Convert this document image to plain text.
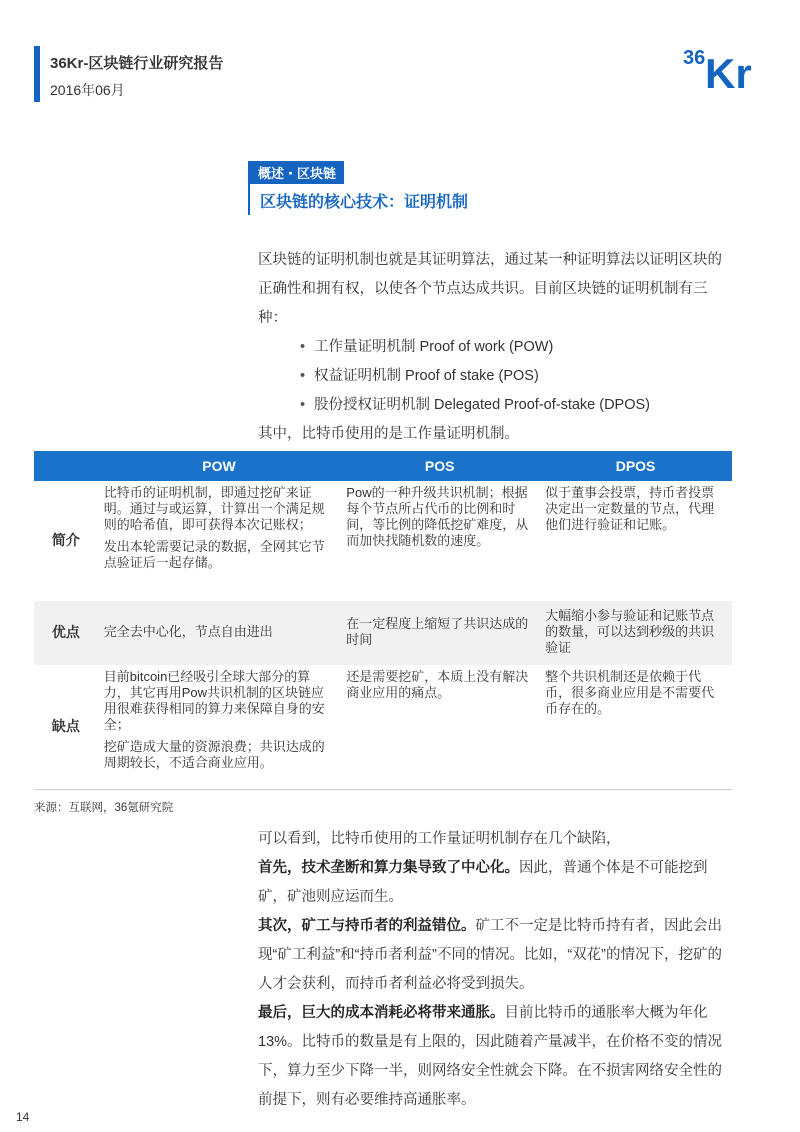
36Kr-区块链行业研究报告
2016年06月
36 Kr
概述・区块链
区块链的核心技术：证明机制

区块链的证明机制也就是其证明算法，通过某一种证明算法以证明区块的正确性和拥有权，以使各个节点达成共识。目前区块链的证明机制有三种：

• 工作量证明机制 Proof of work (POW)
• 权益证明机制 Proof of stake (POS)
• 股份授权证明机制 Delegated Proof-of-stake (DPOS)

其中，比特币使用的是工作量证明机制。

	POW	POS	DPOS
简介	比特币的证明机制，即通过挖矿来证明。通过与或运算，计算出一个满足规则的哈希值，即可获得本次记账权；

发出本轮需要记录的数据，全网其它节点验证后一起存储。	Pow的一种升级共识机制；根据每个节点所占代币的比例和时间，等比例的降低挖矿难度，从而加快找随机数的速度。	似于董事会投票，持币者投票决定出一定数量的节点，代理他们进行验证和记账。

优点	完全去中心化，节点自由进出	在一定程度上缩短了共识达成的时间	大幅缩小参与验证和记账节点的数量，可以达到秒级的共识验证

缺点	目前bitcoin已经吸引全球大部分的算力，其它再用Pow共识机制的区块链应用很难获得相同的算力来保障自身的安全；

挖矿造成大量的资源浪费；共识达成的周期较长，不适合商业应用。	还是需要挖矿，本质上没有解决商业应用的痛点。	整个共识机制还是依赖于代币，很多商业应用是不需要代币存在的。

来源：互联网，36氪研究院

可以看到，比特币使用的工作量证明机制存在几个缺陷，

首先，技术垄断和算力集导致了中心化。因此，普通个体是不可能挖到矿，矿池则应运而生。

其次，矿工与持币者的利益错位。矿工不一定是比特币持有者，因此会出现“矿工利益”和“持币者利益”不同的情况。比如，“双花”的情况下，挖矿的人才会获利，而持币者利益必将受到损失。

最后，巨大的成本消耗必将带来通胀。目前比特币的通胀率大概为年化13%。比特币的数量是有上限的，因此随着产量减半，在价格不变的情况下，算力至少下降一半，则网络安全性就会下降。在不损害网络安全性的前提下，则有必要维持高通胀率。

14
